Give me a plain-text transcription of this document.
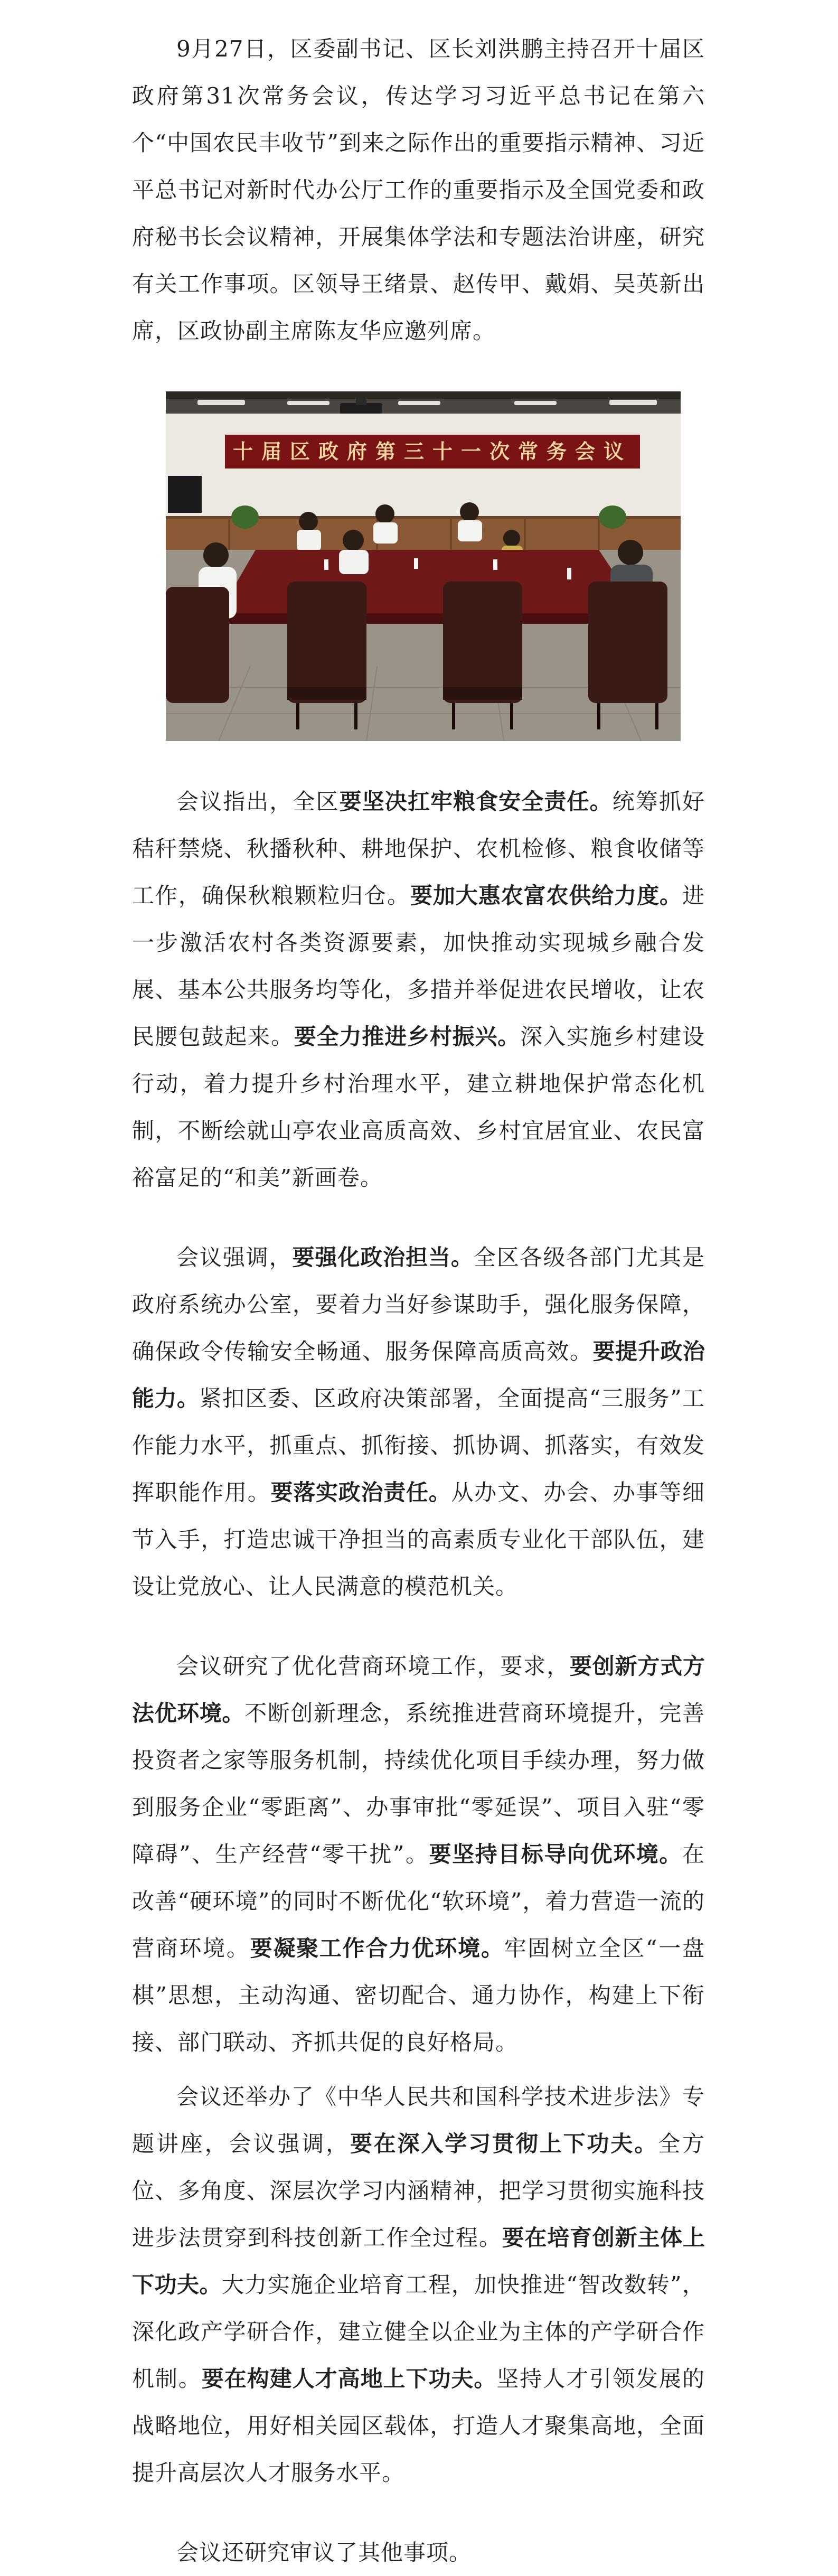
9月27日，区委副书记、区长刘洪鹏主持召开十届区政府第31次常务会议，传达学习习近平总书记在第六个“中国农民丰收节”到来之际作出的重要指示精神、习近平总书记对新时代办公厅工作的重要指示及全国党委和政府秘书长会议精神，开展集体学法和专题法治讲座，研究有关工作事项。区领导王绪景、赵传甲、戴娟、吴英新出席，区政协副主席陈友华应邀列席。

十届区政府第三十一次常务会议

会议指出，全区要坚决扛牢粮食安全责任。统筹抓好秸秆禁烧、秋播秋种、耕地保护、农机检修、粮食收储等工作，确保秋粮颗粒归仓。要加大惠农富农供给力度。进一步激活农村各类资源要素，加快推动实现城乡融合发展、基本公共服务均等化，多措并举促进农民增收，让农民腰包鼓起来。要全力推进乡村振兴。深入实施乡村建设行动，着力提升乡村治理水平，建立耕地保护常态化机制，不断绘就山亭农业高质高效、乡村宜居宜业、农民富裕富足的“和美”新画卷。

会议强调，要强化政治担当。全区各级各部门尤其是政府系统办公室，要着力当好参谋助手，强化服务保障，确保政令传输安全畅通、服务保障高质高效。要提升政治能力。紧扣区委、区政府决策部署，全面提高“三服务”工作能力水平，抓重点、抓衔接、抓协调、抓落实，有效发挥职能作用。要落实政治责任。从办文、办会、办事等细节入手，打造忠诚干净担当的高素质专业化干部队伍，建设让党放心、让人民满意的模范机关。

会议研究了优化营商环境工作，要求，要创新方式方法优环境。不断创新理念，系统推进营商环境提升，完善投资者之家等服务机制，持续优化项目手续办理，努力做到服务企业“零距离”、办事审批“零延误”、项目入驻“零障碍”、生产经营“零干扰”。要坚持目标导向优环境。在改善“硬环境”的同时不断优化“软环境”，着力营造一流的营商环境。要凝聚工作合力优环境。牢固树立全区“一盘棋”思想，主动沟通、密切配合、通力协作，构建上下衔接、部门联动、齐抓共促的良好格局。

会议还举办了《中华人民共和国科学技术进步法》专题讲座，会议强调，要在深入学习贯彻上下功夫。全方位、多角度、深层次学习内涵精神，把学习贯彻实施科技进步法贯穿到科技创新工作全过程。要在培育创新主体上下功夫。大力实施企业培育工程，加快推进“智改数转”，深化政产学研合作，建立健全以企业为主体的产学研合作机制。要在构建人才高地上下功夫。坚持人才引领发展的战略地位，用好相关园区载体，打造人才聚集高地，全面提升高层次人才服务水平。

会议还研究审议了其他事项。
